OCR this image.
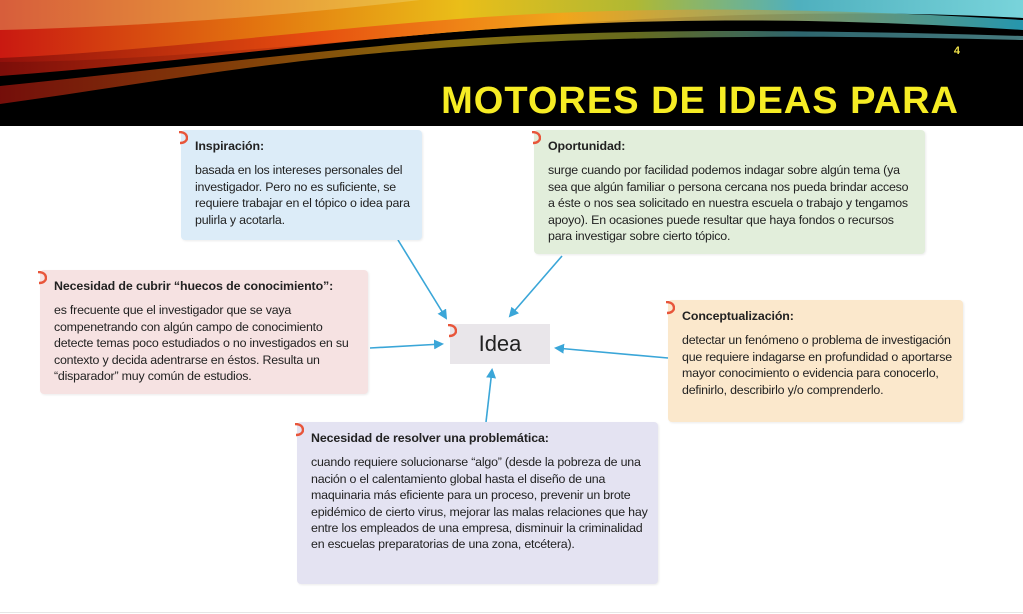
4
MOTORES DE IDEAS PARA
Inspiración:
basada en los intereses personales del investigador. Pero no es suficiente, se requiere trabajar en el tópico o idea para pulirla y acotarla.
Oportunidad:
surge cuando por facilidad podemos indagar sobre algún tema (ya sea que algún familiar o persona cercana nos pueda brindar acceso a éste o nos sea solicitado en nuestra escuela o trabajo y tengamos apoyo). En ocasiones puede resultar que haya fondos o recursos para investigar sobre cierto tópico.
Necesidad de cubrir “huecos de conocimiento”:
es frecuente que el investigador que se vaya compenetrando con algún campo de conocimiento detecte temas poco estudiados o no investigados en su contexto y decida adentrarse en éstos. Resulta un “disparador” muy común de estudios.
Conceptualización:
detectar un fenómeno o problema de investigación que requiere indagarse en profundidad o aportarse mayor conocimiento o evidencia para conocerlo, definirlo, describirlo y/o comprenderlo.
Necesidad de resolver una problemática:
cuando requiere solucionarse “algo” (desde la pobreza de una nación o el calentamiento global hasta el diseño de una maquinaria más eficiente para un proceso, prevenir un brote epidémico de cierto virus, mejorar las malas relaciones que hay entre los empleados de una empresa, disminuir la criminalidad en escuelas preparatorias de una zona, etcétera).
Idea
